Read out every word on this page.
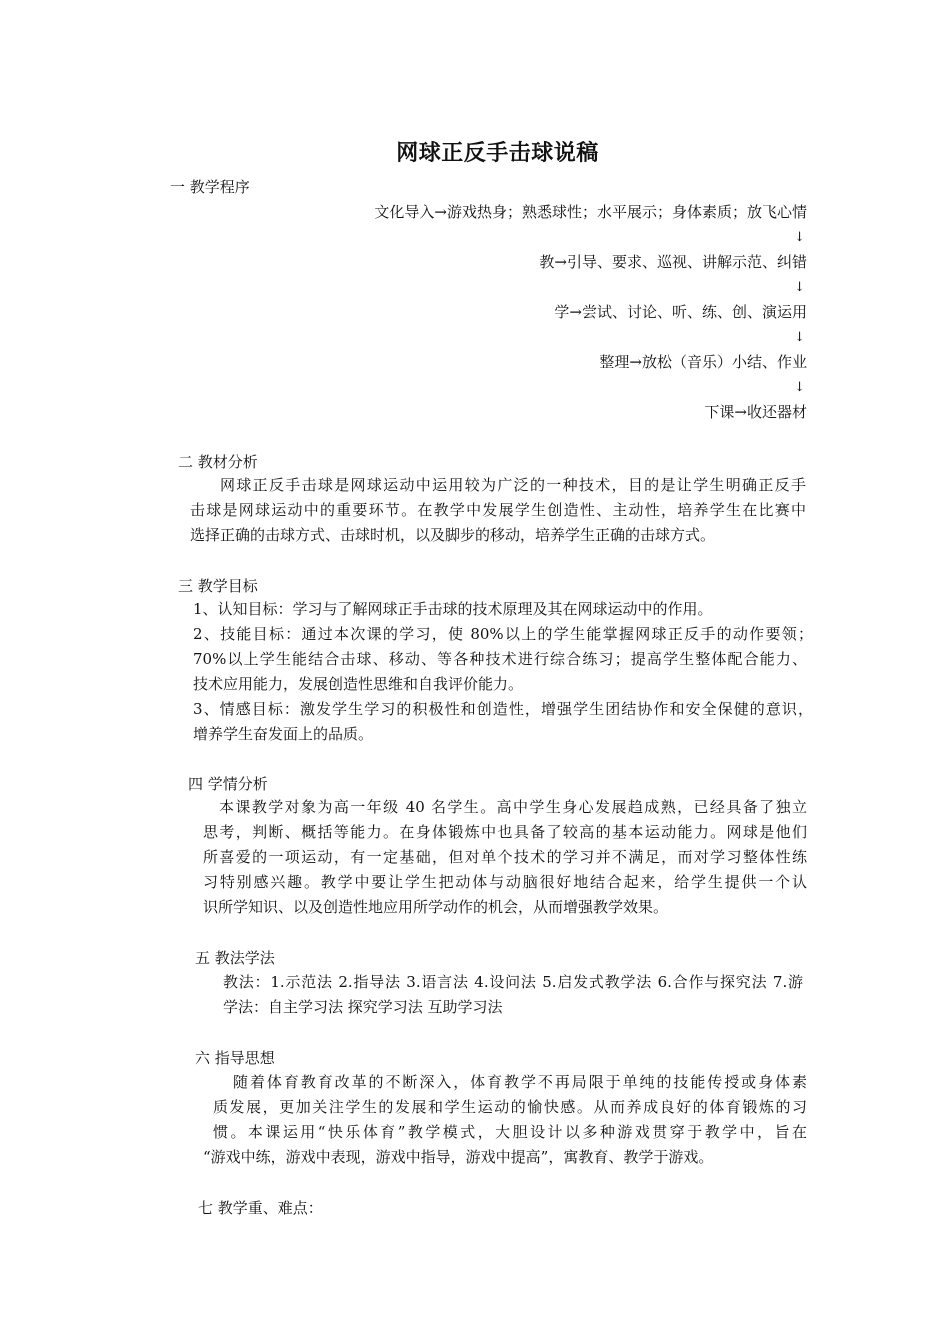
网球正反手击球说稿
一 教学程序
文化导入→游戏热身；熟悉球性；水平展示；身体素质；放飞心情
↓
教→引导、要求、巡视、讲解示范、纠错
↓
学→尝试、讨论、听、练、创、演运用
↓
整理→放松（音乐）小结、作业
↓
下课→收还器材
二 教材分析
网球正反手击球是网球运动中运用较为广泛的一种技术，目的是让学生明确正反手
击球是网球运动中的重要环节。在教学中发展学生创造性、主动性，培养学生在比赛中
选择正确的击球方式、击球时机，以及脚步的移动，培养学生正确的击球方式。
三 教学目标
1、认知目标：学习与了解网球正手击球的技术原理及其在网球运动中的作用。
2、技能目标：通过本次课的学习，使 80%以上的学生能掌握网球正反手的动作要领；
70%以上学生能结合击球、移动、等各种技术进行综合练习；提高学生整体配合能力、
技术应用能力，发展创造性思维和自我评价能力。
3、情感目标：激发学生学习的积极性和创造性，增强学生团结协作和安全保健的意识，
增养学生奋发面上的品质。
四 学情分析
本课教学对象为高一年级 40 名学生。高中学生身心发展趋成熟，已经具备了独立
思考，判断、概括等能力。在身体锻炼中也具备了较高的基本运动能力。网球是他们
所喜爱的一项运动，有一定基础，但对单个技术的学习并不满足，而对学习整体性练
习特别感兴趣。教学中要让学生把动体与动脑很好地结合起来，给学生提供一个认
识所学知识、以及创造性地应用所学动作的机会，从而增强教学效果。
五 教法学法
教法：1.示范法 2.指导法 3.语言法 4.设问法 5.启发式教学法 6.合作与探究法 7.游
学法：自主学习法 探究学习法 互助学习法
六 指导思想
随着体育教育改革的不断深入，体育教学不再局限于单纯的技能传授或身体素
质发展，更加关注学生的发展和学生运动的愉快感。从而养成良好的体育锻炼的习
惯。本课运用“快乐体育”教学模式，大胆设计以多种游戏贯穿于教学中，旨在
“游戏中练，游戏中表现，游戏中指导，游戏中提高”，寓教育、教学于游戏。
七 教学重、难点：
